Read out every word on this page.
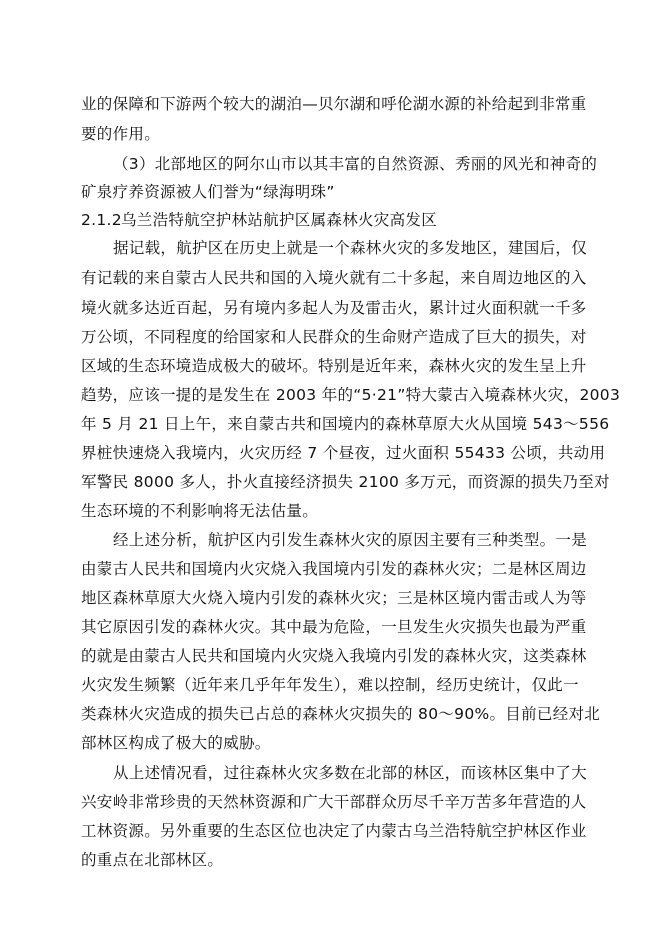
业的保障和下游两个较大的湖泊—贝尔湖和呼伦湖水源的补给起到非常重
要的作用。
（3）北部地区的阿尔山市以其丰富的自然资源、秀丽的风光和神奇的
矿泉疗养资源被人们誉为“绿海明珠”
2.1.2乌兰浩特航空护林站航护区属森林火灾高发区
据记载，航护区在历史上就是一个森林火灾的多发地区，建国后，仅
有记载的来自蒙古人民共和国的入境火就有二十多起，来自周边地区的入
境火就多达近百起，另有境内多起人为及雷击火，累计过火面积就一千多
万公顷，不同程度的给国家和人民群众的生命财产造成了巨大的损失，对
区域的生态环境造成极大的破坏。特别是近年来，森林火灾的发生呈上升
趋势，应该一提的是发生在 2003 年的“5·21”特大蒙古入境森林火灾，2003
年 5 月 21 日上午，来自蒙古共和国境内的森林草原大火从国境 543～556
界桩快速烧入我境内，火灾历经 7 个昼夜，过火面积 55433 公顷，共动用
军警民 8000 多人，扑火直接经济损失 2100 多万元，而资源的损失乃至对
生态环境的不利影响将无法估量。
经上述分析，航护区内引发生森林火灾的原因主要有三种类型。一是
由蒙古人民共和国境内火灾烧入我国境内引发的森林火灾；二是林区周边
地区森林草原大火烧入境内引发的森林火灾；三是林区境内雷击或人为等
其它原因引发的森林火灾。其中最为危险，一旦发生火灾损失也最为严重
的就是由蒙古人民共和国境内火灾烧入我境内引发的森林火灾，这类森林
火灾发生频繁（近年来几乎年年发生），难以控制，经历史统计，仅此一
类森林火灾造成的损失已占总的森林火灾损失的 80～90%。目前已经对北
部林区构成了极大的威胁。
从上述情况看，过往森林火灾多数在北部的林区，而该林区集中了大
兴安岭非常珍贵的天然林资源和广大干部群众历尽千辛万苦多年营造的人
工林资源。另外重要的生态区位也决定了内蒙古乌兰浩特航空护林区作业
的重点在北部林区。
